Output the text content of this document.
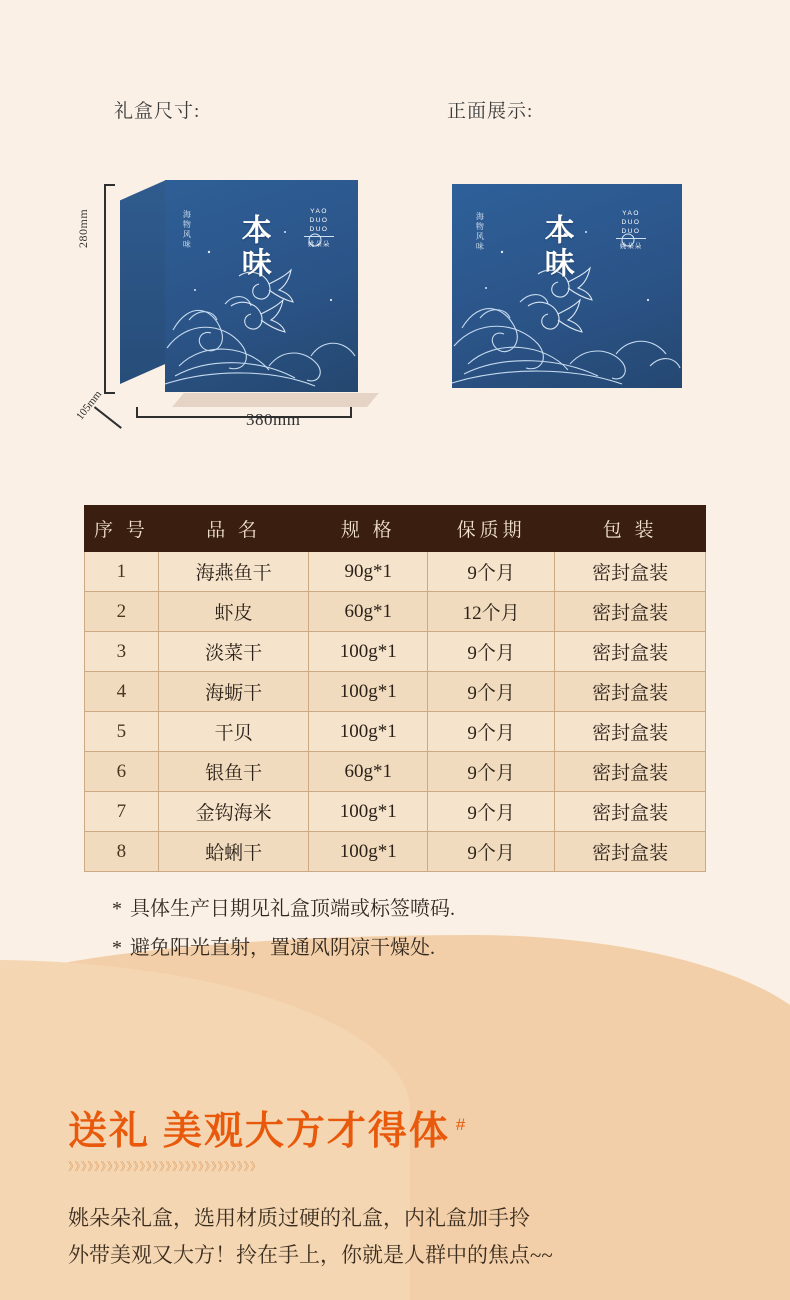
礼盒尺寸:	正面展示:
280mm
380mm
105mm
海物风味 本味
YAO
DUO
DUO
姚朵朵	海物风味 本味
YAO
DUO
DUO
姚朵朵
序 号	品 名	规 格	保质期	包 装
1	海燕鱼干	90g*1	9个月	密封盒装
2	虾皮	60g*1	12个月	密封盒装
3	淡菜干	100g*1	9个月	密封盒装
4	海蛎干	100g*1	9个月	密封盒装
5	干贝	100g*1	9个月	密封盒装
6	银鱼干	60g*1	9个月	密封盒装
7	金钩海米	100g*1	9个月	密封盒装
8	蛤蜊干	100g*1	9个月	密封盒装
* 具体生产日期见礼盒顶端或标签喷码.
* 避免阳光直射，置通风阴凉干燥处.
送礼 美观大方才得体 #
》》》》》》》》》》》》》》》》》》》》》》》》》》》》》
姚朵朵礼盒，选用材质过硬的礼盒，内礼盒加手拎
外带美观又大方！拎在手上，你就是人群中的焦点~~
